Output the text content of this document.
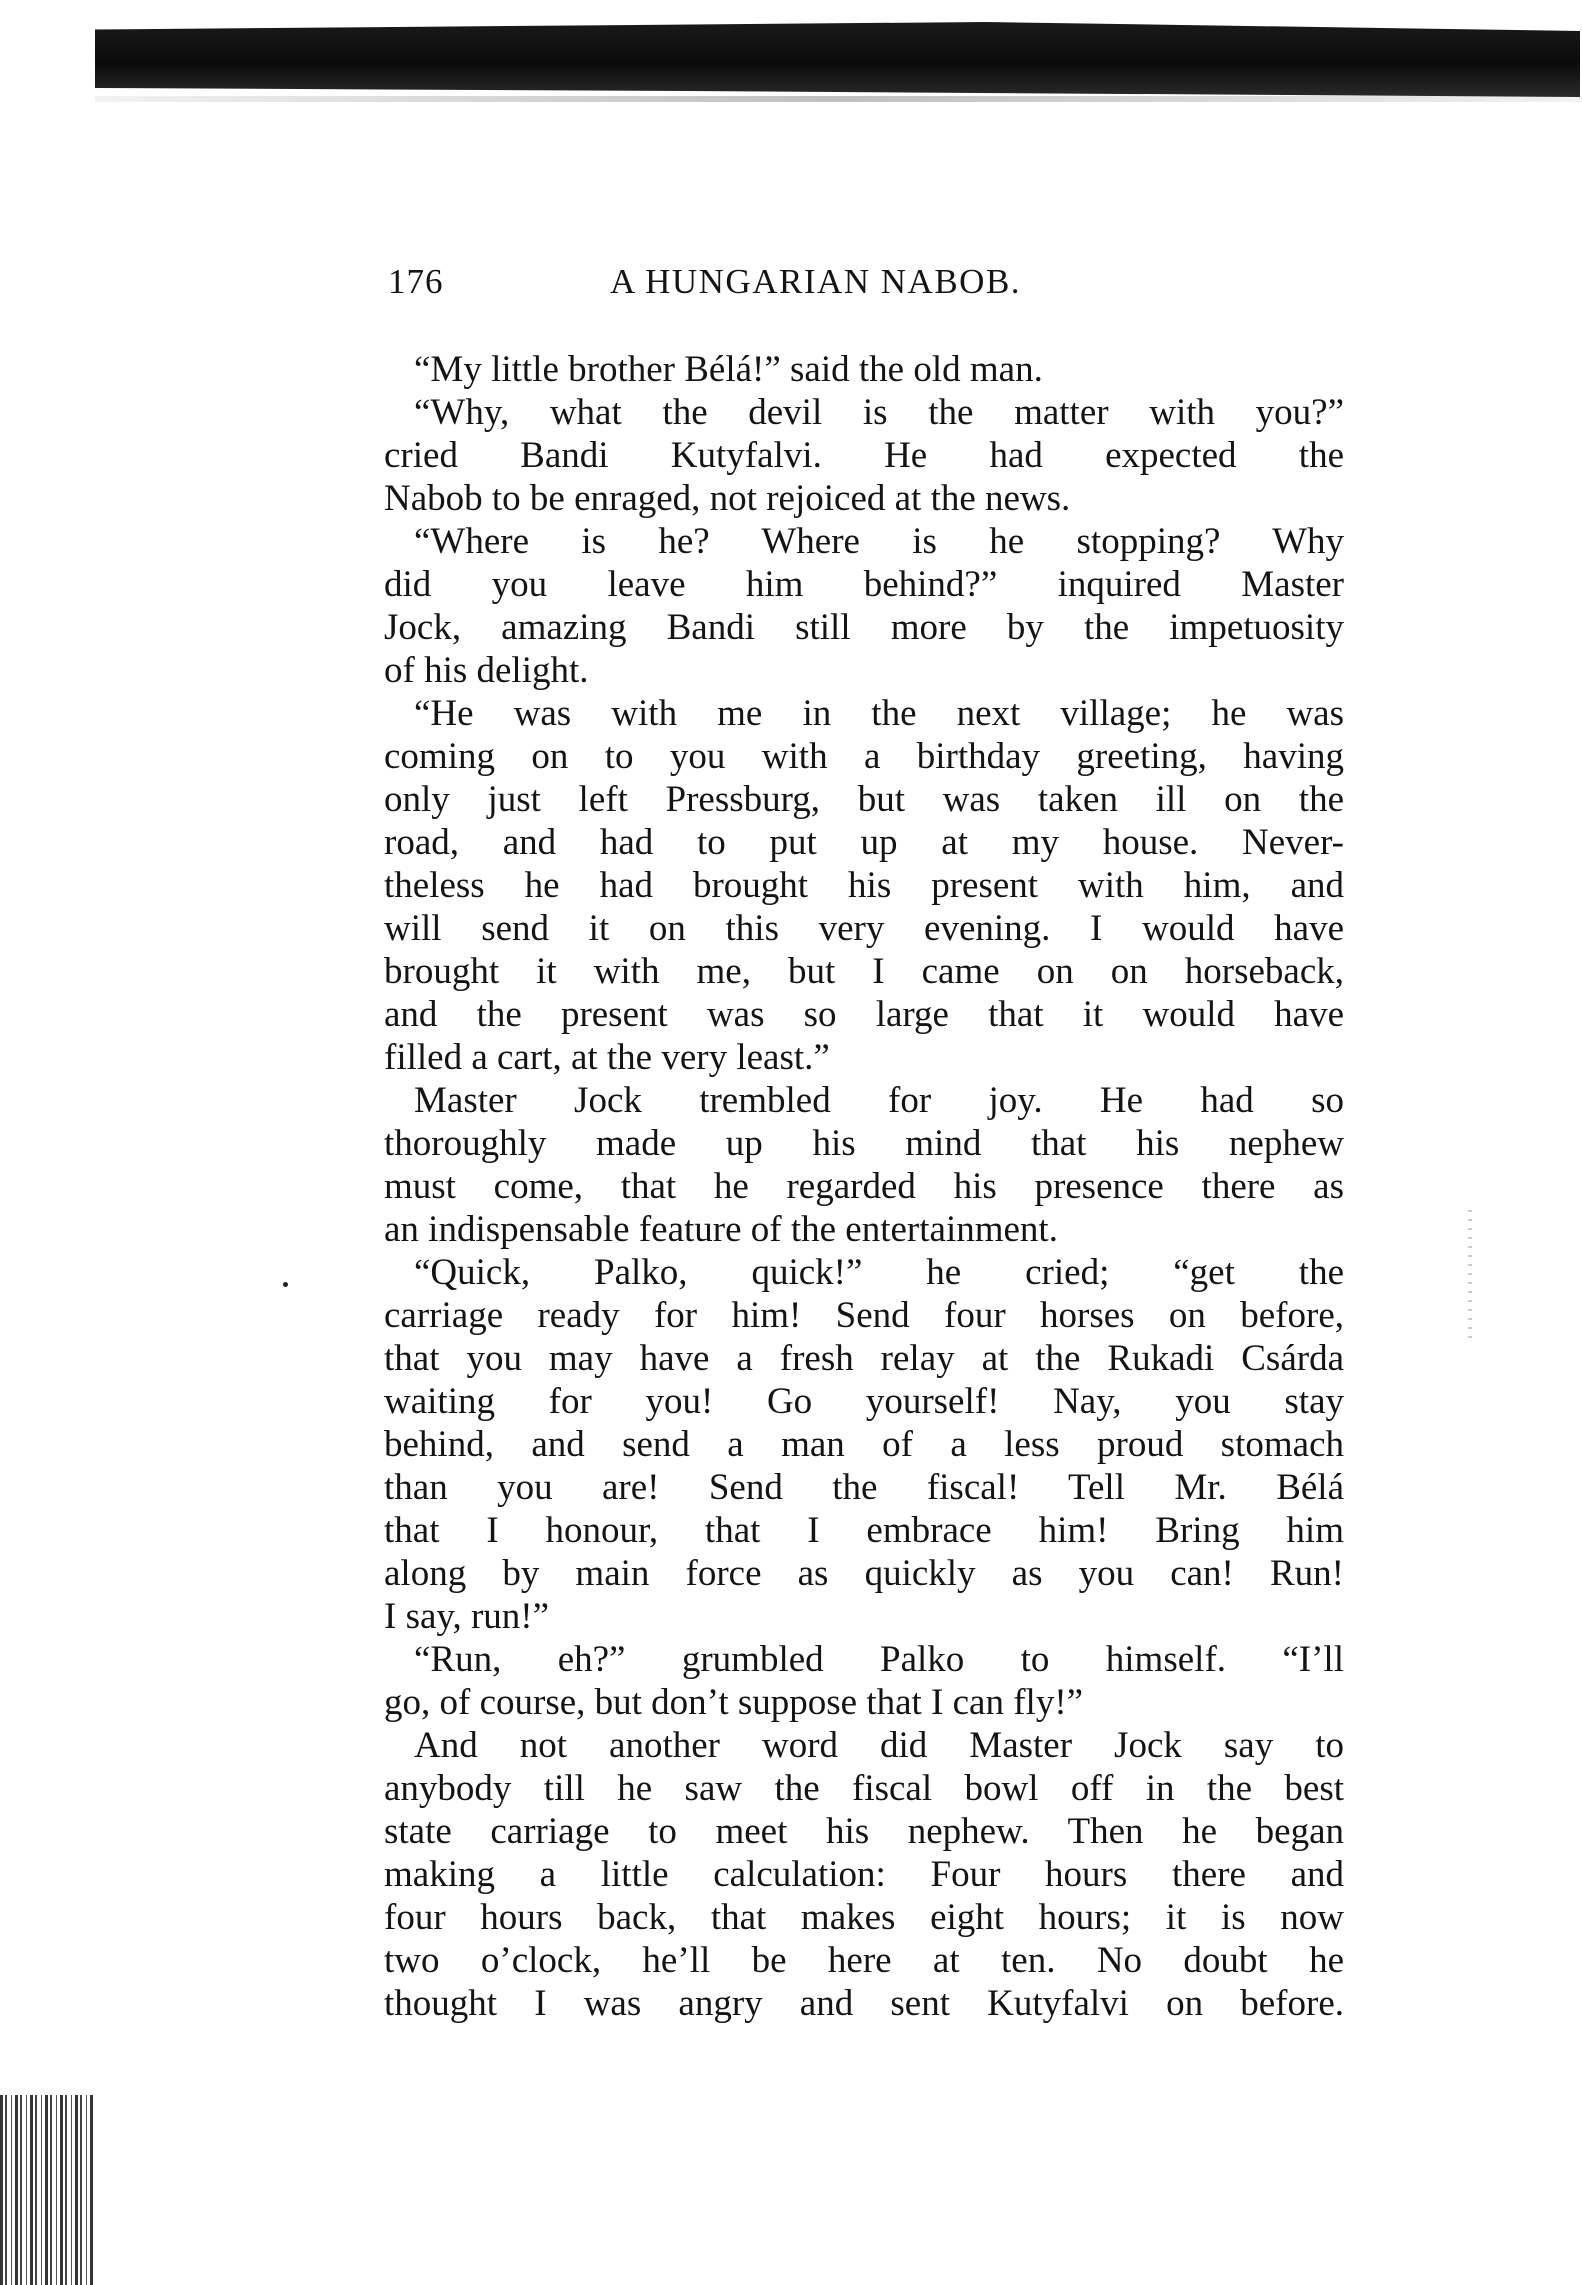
176	A HUNGARIAN NABOB.
“My little brother Bélá!” said the old man.
“Why, what the devil is the matter with you?”
cried Bandi Kutyfalvi. He had expected the
Nabob to be enraged, not rejoiced at the news.
“Where is he? Where is he stopping? Why
did you leave him behind?” inquired Master
Jock, amazing Bandi still more by the impetuosity
of his delight.
“He was with me in the next village; he was
coming on to you with a birthday greeting, having
only just left Pressburg, but was taken ill on the
road, and had to put up at my house. Never-
theless he had brought his present with him, and
will send it on this very evening. I would have
brought it with me, but I came on on horseback,
and the present was so large that it would have
filled a cart, at the very least.”
Master Jock trembled for joy. He had so
thoroughly made up his mind that his nephew
must come, that he regarded his presence there as
an indispensable feature of the entertainment.
“Quick, Palko, quick!” he cried; “get the
carriage ready for him! Send four horses on before,
that you may have a fresh relay at the Rukadi Csárda
waiting for you! Go yourself! Nay, you stay
behind, and send a man of a less proud stomach
than you are! Send the fiscal! Tell Mr. Bélá
that I honour, that I embrace him! Bring him
along by main force as quickly as you can! Run!
I say, run!”
“Run, eh?” grumbled Palko to himself. “I’ll
go, of course, but don’t suppose that I can fly!”
And not another word did Master Jock say to
anybody till he saw the fiscal bowl off in the best
state carriage to meet his nephew. Then he began
making a little calculation: Four hours there and
four hours back, that makes eight hours; it is now
two o’clock, he’ll be here at ten. No doubt he
thought I was angry and sent Kutyfalvi on before.
